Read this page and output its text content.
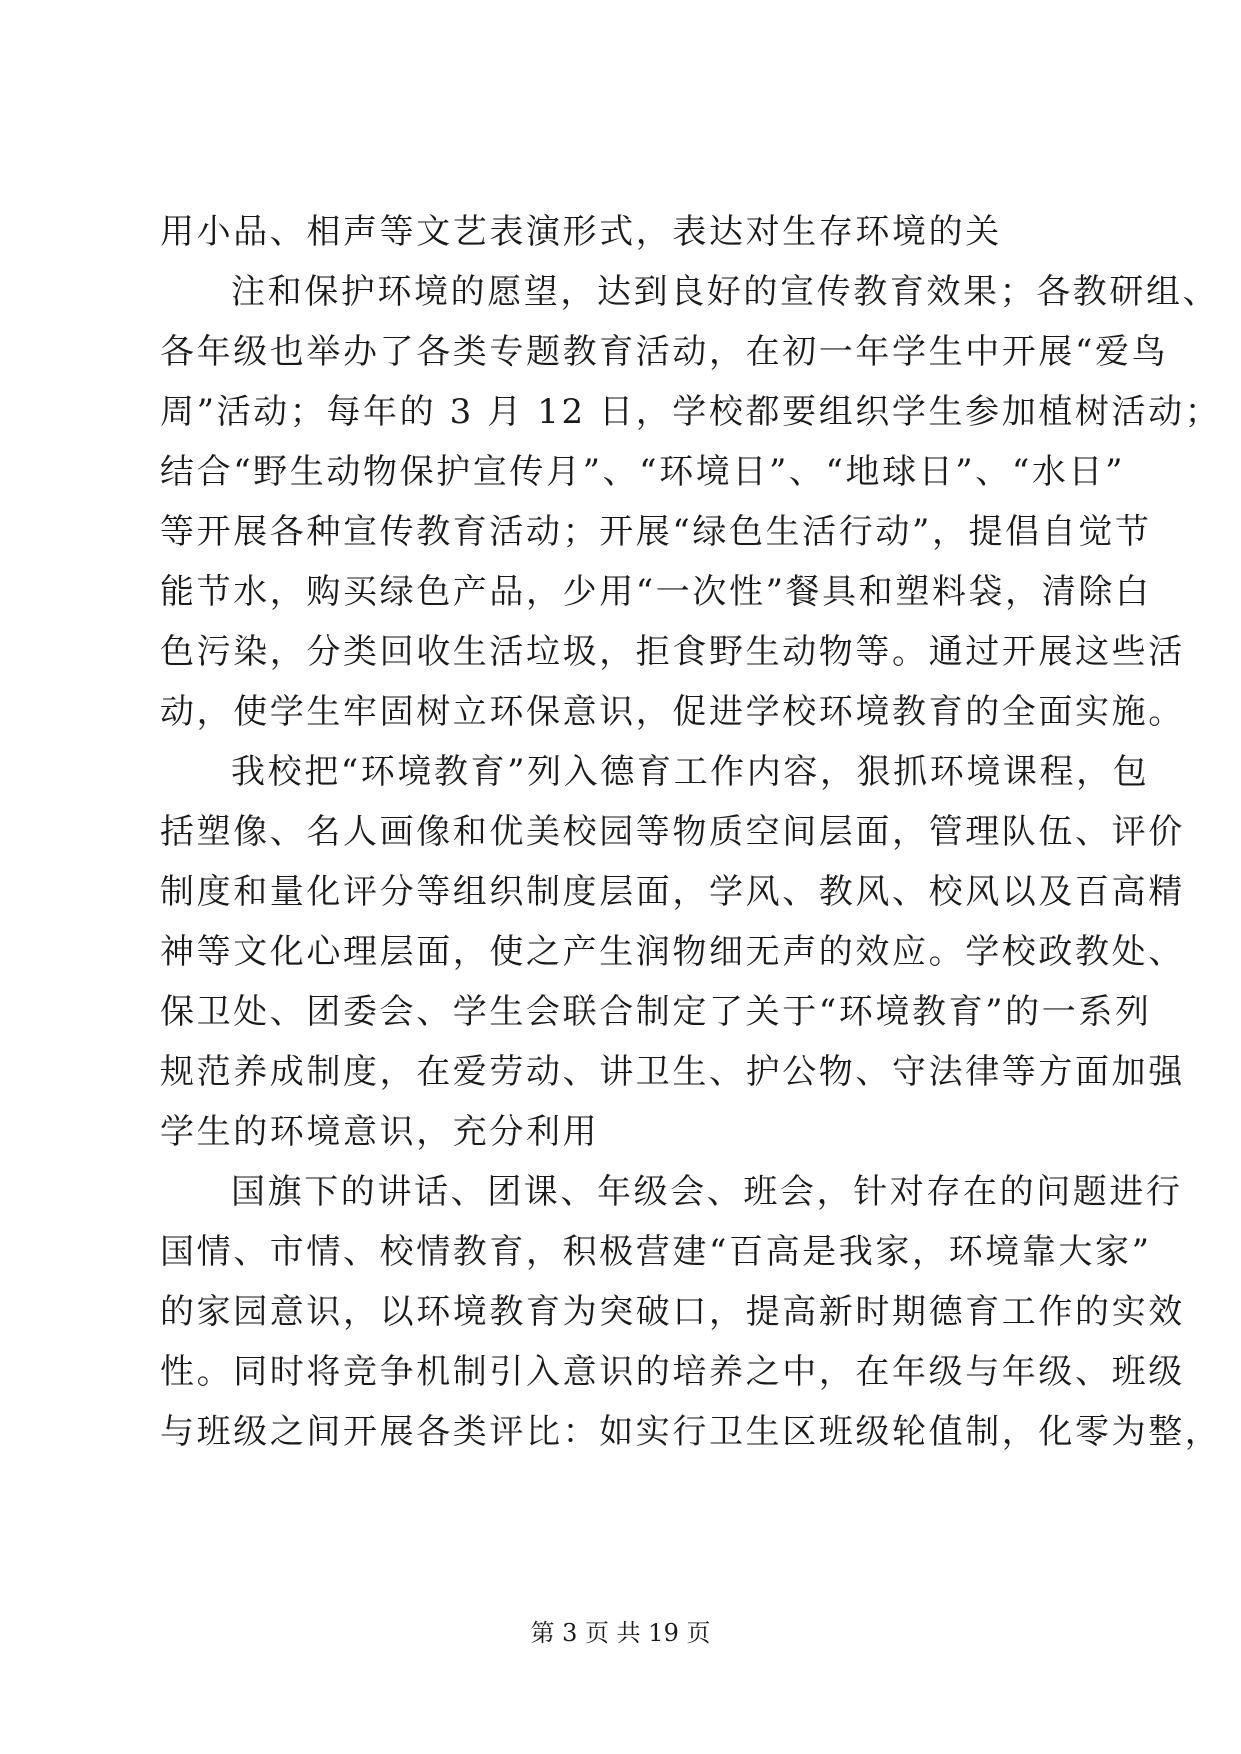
用小品、相声等文艺表演形式，表达对生存环境的关
注和保护环境的愿望，达到良好的宣传教育效果；各教研组、
各年级也举办了各类专题教育活动，在初一年学生中开展“爱鸟
周”活动；每年的 3 月 12 日，学校都要组织学生参加植树活动；
结合“野生动物保护宣传月”、“环境日”、“地球日”、“水日”
等开展各种宣传教育活动；开展“绿色生活行动”，提倡自觉节
能节水，购买绿色产品，少用“一次性”餐具和塑料袋，清除白
色污染，分类回收生活垃圾，拒食野生动物等。通过开展这些活
动，使学生牢固树立环保意识，促进学校环境教育的全面实施。
我校把“环境教育”列入德育工作内容，狠抓环境课程，包
括塑像、名人画像和优美校园等物质空间层面，管理队伍、评价
制度和量化评分等组织制度层面，学风、教风、校风以及百高精
神等文化心理层面，使之产生润物细无声的效应。学校政教处、
保卫处、团委会、学生会联合制定了关于“环境教育”的一系列
规范养成制度，在爱劳动、讲卫生、护公物、守法律等方面加强
学生的环境意识，充分利用
国旗下的讲话、团课、年级会、班会，针对存在的问题进行
国情、市情、校情教育，积极营建“百高是我家，环境靠大家”
的家园意识，以环境教育为突破口，提高新时期德育工作的实效
性。同时将竞争机制引入意识的培养之中，在年级与年级、班级
与班级之间开展各类评比：如实行卫生区班级轮值制，化零为整，
第 3 页 共 19 页
